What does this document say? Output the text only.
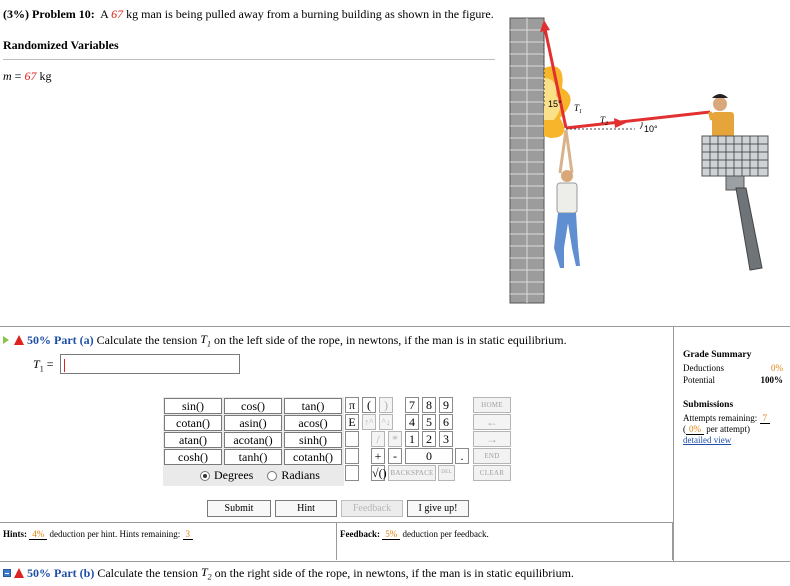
(3%) Problem 10: A 67 kg man is being pulled away from a burning building as shown in the figure.
Randomized Variables
m = 67 kg
15° $T_1$
$T_2$	10°
50% Part (a) Calculate the tension $T_1$ on the left side of the rope, in newtons, if the man is in static equilibrium.
$T_1$ =
sin()	cos()	tan()
cotan()	asin()	acos()
atan()	acotan()	sinh()
cosh()	tanh()	cotanh()
Degrees Radians
π (	)	7 8 9	HOME
E ↑^ ^↓	4 5 6	←
/	* 1 2 3	→
+ -	0	.	END
√() BACKSPACE	DEL	CLEAR
Submit	Hint	Feedback	I give up!
Hints: 4% deduction per hint. Hints remaining: 3	Feedback: 5% deduction per feedback.
Grade Summary
Deductions	0%
Potential	100%
Submissions
Attempts remaining: 7
( 0% per attempt)
detailed view
50% Part (b) Calculate the tension $T_2$ on the right side of the rope, in newtons, if the man is in static equilibrium.
